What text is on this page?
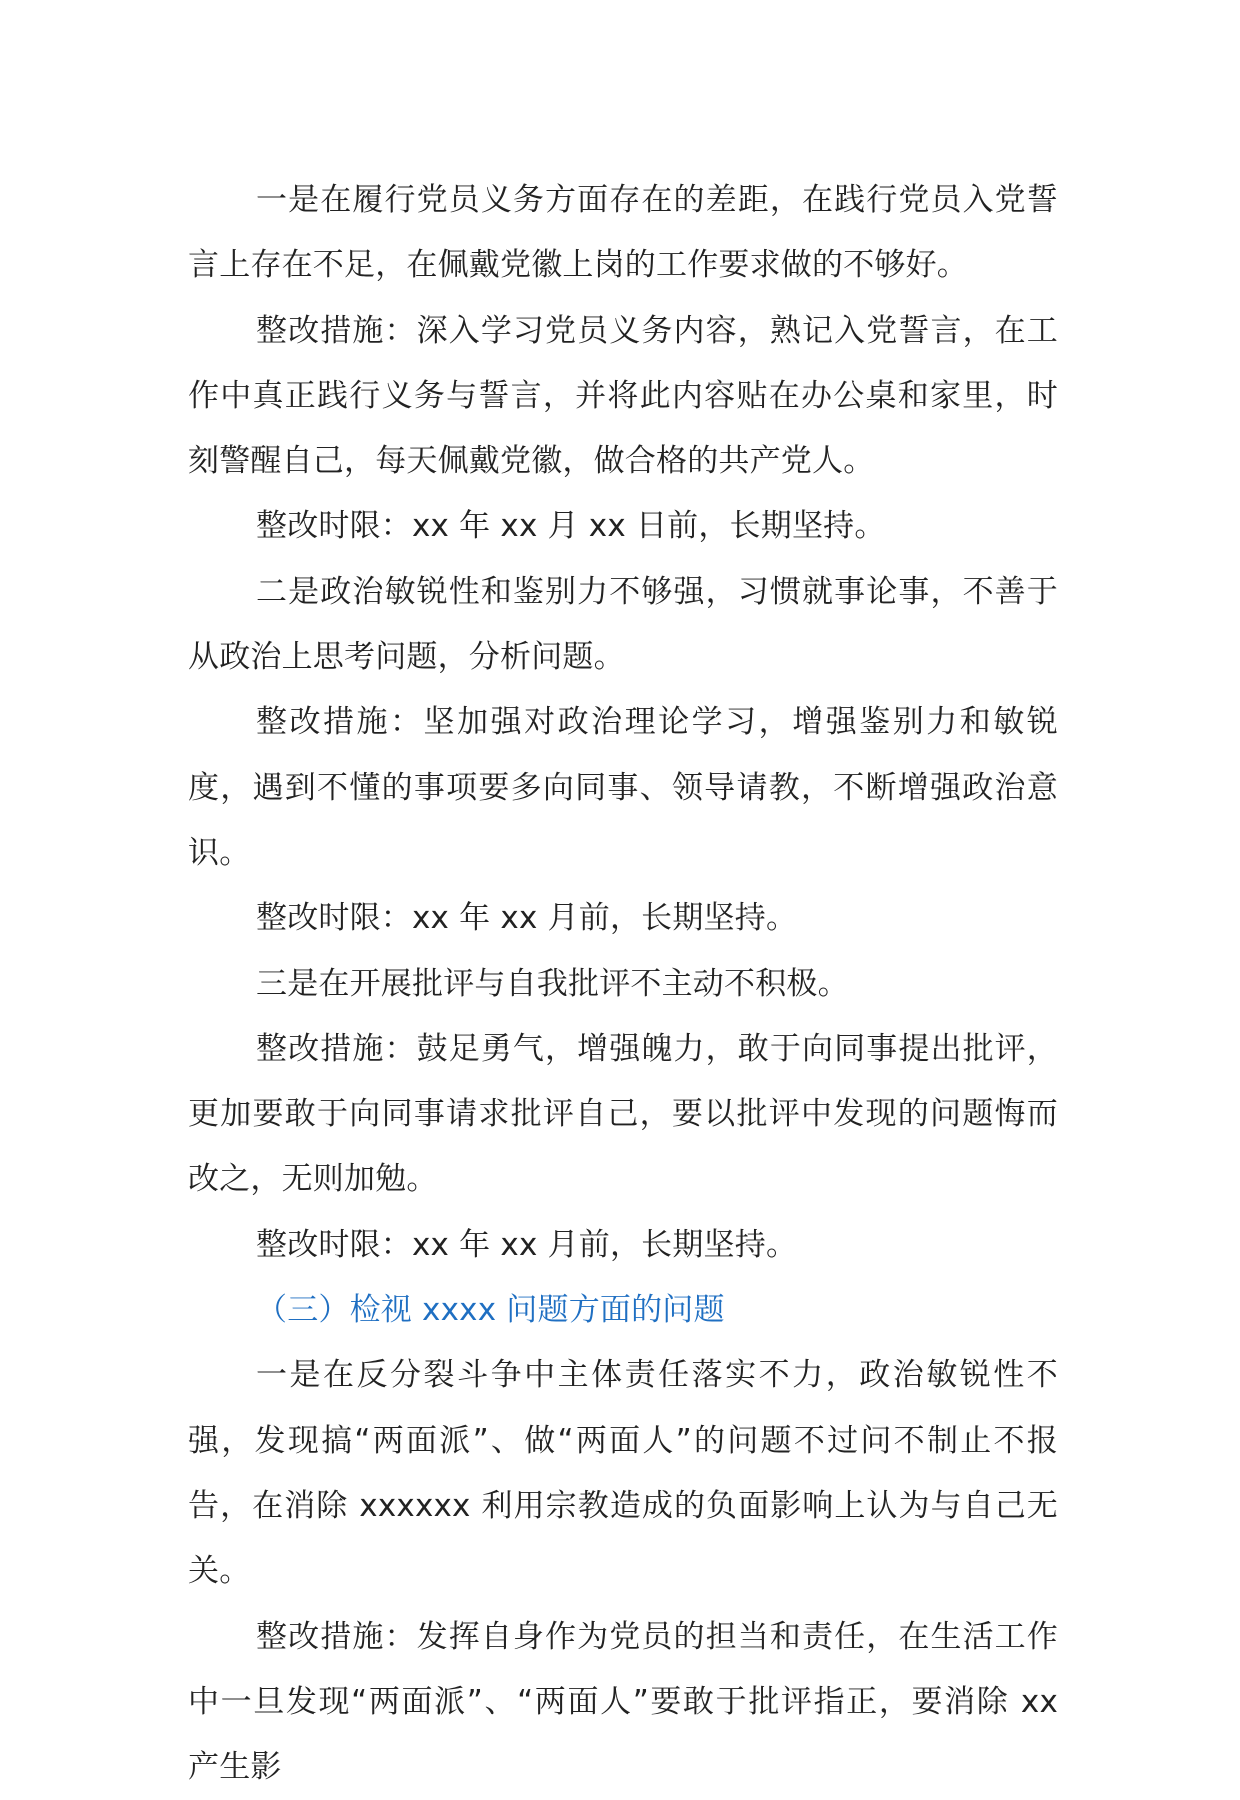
一是在履行党员义务方面存在的差距，在践行党员入党誓言上存在不足，在佩戴党徽上岗的工作要求做的不够好。

整改措施：深入学习党员义务内容，熟记入党誓言，在工作中真正践行义务与誓言，并将此内容贴在办公桌和家里，时刻警醒自己，每天佩戴党徽，做合格的共产党人。

整改时限：xx 年 xx 月 xx 日前，长期坚持。

二是政治敏锐性和鉴别力不够强，习惯就事论事，不善于从政治上思考问题，分析问题。

整改措施：坚加强对政治理论学习，增强鉴别力和敏锐度，遇到不懂的事项要多向同事、领导请教，不断增强政治意识。

整改时限：xx 年 xx 月前，长期坚持。

三是在开展批评与自我批评不主动不积极。

整改措施：鼓足勇气，增强魄力，敢于向同事提出批评，更加要敢于向同事请求批评自己，要以批评中发现的问题悔而改之，无则加勉。

整改时限：xx 年 xx 月前，长期坚持。

（三）检视 xxxx 问题方面的问题

一是在反分裂斗争中主体责任落实不力，政治敏锐性不强，发现搞“两面派”、做“两面人”的问题不过问不制止不报告，在消除 xxxxxx 利用宗教造成的负面影响上认为与自己无关。

整改措施：发挥自身作为党员的担当和责任，在生活工作中一旦发现“两面派”、“两面人”要敢于批评指正，要消除 xx 产生影
